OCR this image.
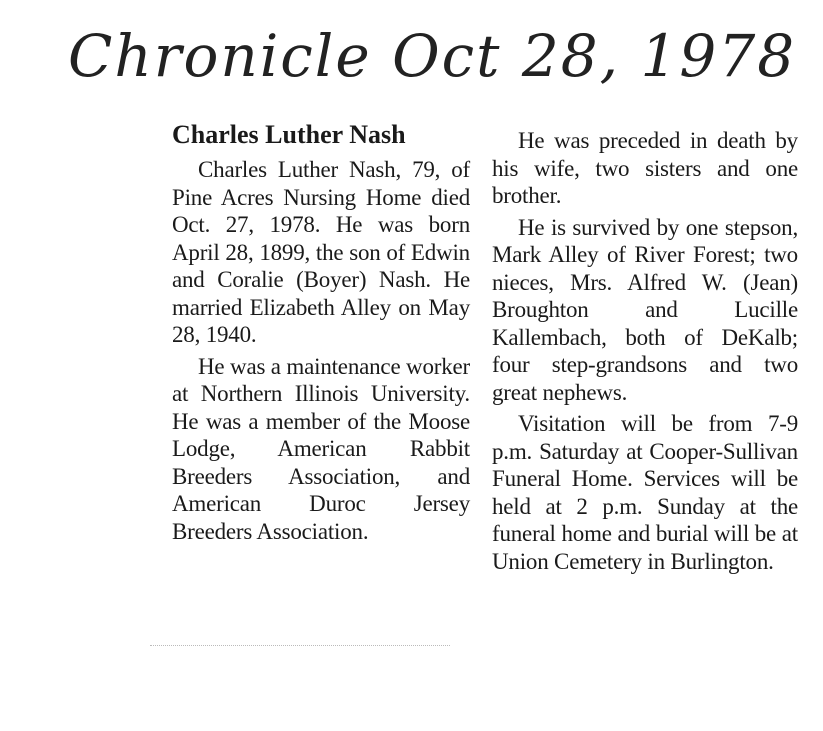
Chronicle Oct 28, 1978
Charles Luther Nash

Charles Luther Nash, 79, of Pine Acres Nursing Home died Oct. 27, 1978. He was born April 28, 1899, the son of Edwin and Coralie (Boyer) Nash. He married Elizabeth Alley on May 28, 1940.

He was a maintenance worker at Northern Illinois University. He was a member of the Moose Lodge, American Rabbit Breeders Association, and American Duroc Jersey Breeders Association.

He was preceded in death by his wife, two sisters and one brother.

He is survived by one stepson, Mark Alley of River Forest; two nieces, Mrs. Alfred W. (Jean) Broughton and Lucille Kallembach, both of DeKalb; four step-grandsons and two great nephews.

Visitation will be from 7-9 p.m. Saturday at Cooper-Sullivan Funeral Home. Services will be held at 2 p.m. Sunday at the funeral home and burial will be at Union Cemetery in Burlington.
